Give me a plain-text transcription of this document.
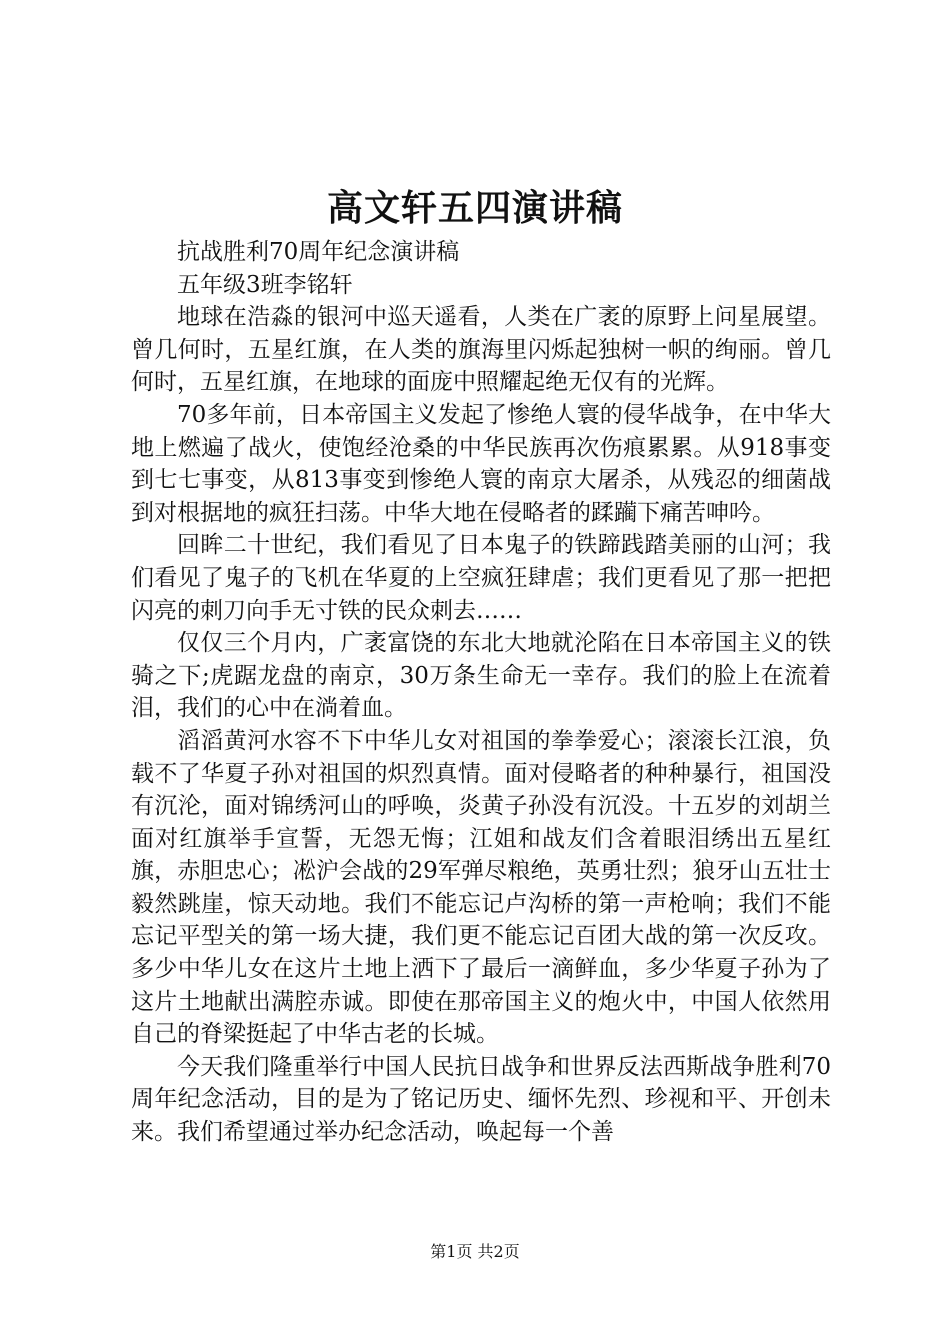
高文轩五四演讲稿

抗战胜利70周年纪念演讲稿

五年级3班李铭轩

地球在浩淼的银河中巡天遥看，人类在广袤的原野上问星展望。曾几何时，五星红旗，在人类的旗海里闪烁起独树一帜的绚丽。曾几何时，五星红旗，在地球的面庞中照耀起绝无仅有的光辉。

70多年前，日本帝国主义发起了惨绝人寰的侵华战争，在中华大地上燃遍了战火，使饱经沧桑的中华民族再次伤痕累累。从918事变到七七事变，从813事变到惨绝人寰的南京大屠杀，从残忍的细菌战到对根据地的疯狂扫荡。中华大地在侵略者的蹂躏下痛苦呻吟。

回眸二十世纪，我们看见了日本鬼子的铁蹄践踏美丽的山河；我们看见了鬼子的飞机在华夏的上空疯狂肆虐；我们更看见了那一把把闪亮的刺刀向手无寸铁的民众刺去……

仅仅三个月内，广袤富饶的东北大地就沦陷在日本帝国主义的铁骑之下;虎踞龙盘的南京，30万条生命无一幸存。我们的脸上在流着泪，我们的心中在淌着血。

滔滔黄河水容不下中华儿女对祖国的拳拳爱心；滚滚长江浪，负载不了华夏子孙对祖国的炽烈真情。面对侵略者的种种暴行，祖国没有沉沦，面对锦绣河山的呼唤，炎黄子孙没有沉没。十五岁的刘胡兰面对红旗举手宣誓，无怨无悔；江姐和战友们含着眼泪绣出五星红旗，赤胆忠心；凇沪会战的29军弹尽粮绝，英勇壮烈；狼牙山五壮士毅然跳崖，惊天动地。我们不能忘记卢沟桥的第一声枪响；我们不能忘记平型关的第一场大捷，我们更不能忘记百团大战的第一次反攻。多少中华儿女在这片土地上洒下了最后一滴鲜血，多少华夏子孙为了这片土地献出满腔赤诚。即使在那帝国主义的炮火中，中国人依然用自己的脊梁挺起了中华古老的长城。

今天我们隆重举行中国人民抗日战争和世界反法西斯战争胜利70周年纪念活动，目的是为了铭记历史、缅怀先烈、珍视和平、开创未来。我们希望通过举办纪念活动，唤起每一个善

第1页 共2页
